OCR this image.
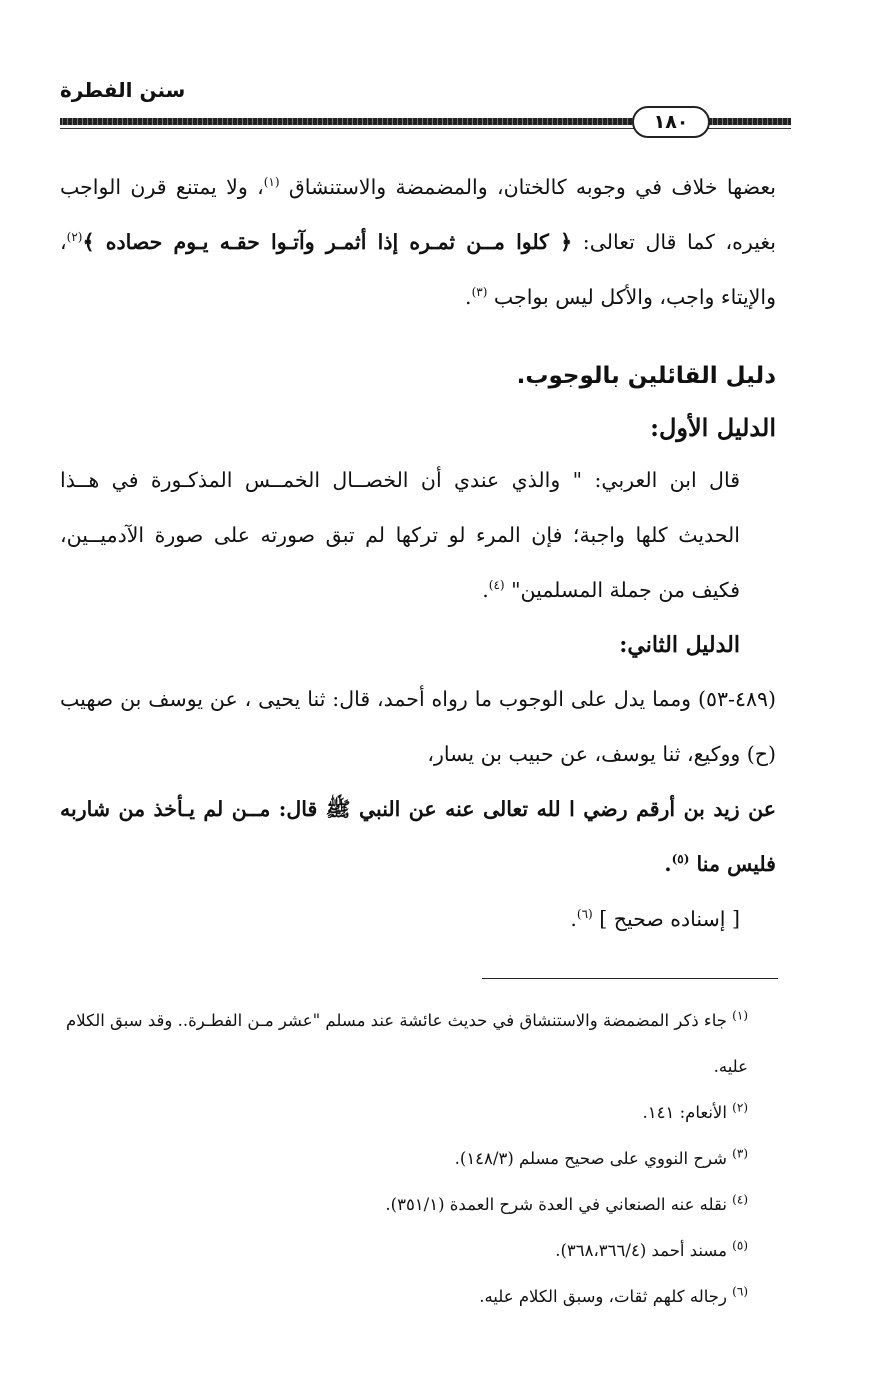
سنن الفطرة
١٨٠

بعضها خلاف في وجوبه كالختان، والمضمضة والاستنشاق $^{(١)}$، ولا يمتنع قرن الواجب بغيره، كما قال تعالى: ﴿ كلوا مــن ثمـره إذا أثمـر وآتـوا حقـه يـوم حصاده ﴾$^{(٢)}$، والإيتاء واجب، والأكل ليس بواجب $^{(٣)}$.

دليل القائلين بالوجوب.

الدليل الأول:

قال ابن العربي: " والذي عندي أن الخصــال الخمــس المذكـورة في هــذا الحديث كلها واجبة؛ فإن المرء لو تركها لم تبق صورته على صورة الآدميــين، فكيف من جملة المسلمين" $^{(٤)}$.

الدليل الثاني:

(٤٨٩-٥٣) ومما يدل على الوجوب ما رواه أحمد، قال: ثنا يحيى ، عن يوسف بن صهيب (ح) ووكيع، ثنا يوسف، عن حبيب بن يسار،

عن زيد بن أرقم رضي ا لله تعالى عنه عن النبي ﷺ قال: مــن لم يـأخذ من شاربه فليس منا $^{(٥)}$.

[ إسناده صحيح ] $^{(٦)}$.

$^{(١)}$ جاء ذكر المضمضة والاستنشاق في حديث عائشة عند مسلم "عشر مـن الفطـرة.. وقد سبق الكلام عليه.

$^{(٢)}$ الأنعام: ١٤١.

$^{(٣)}$ شرح النووي على صحيح مسلم (١٤٨/٣).

$^{(٤)}$ نقله عنه الصنعاني في العدة شرح العمدة (٣٥١/١).

$^{(٥)}$ مسند أحمد (٣٦٨،٣٦٦/٤).

$^{(٦)}$ رجاله كلهم ثقات، وسبق الكلام عليه.
